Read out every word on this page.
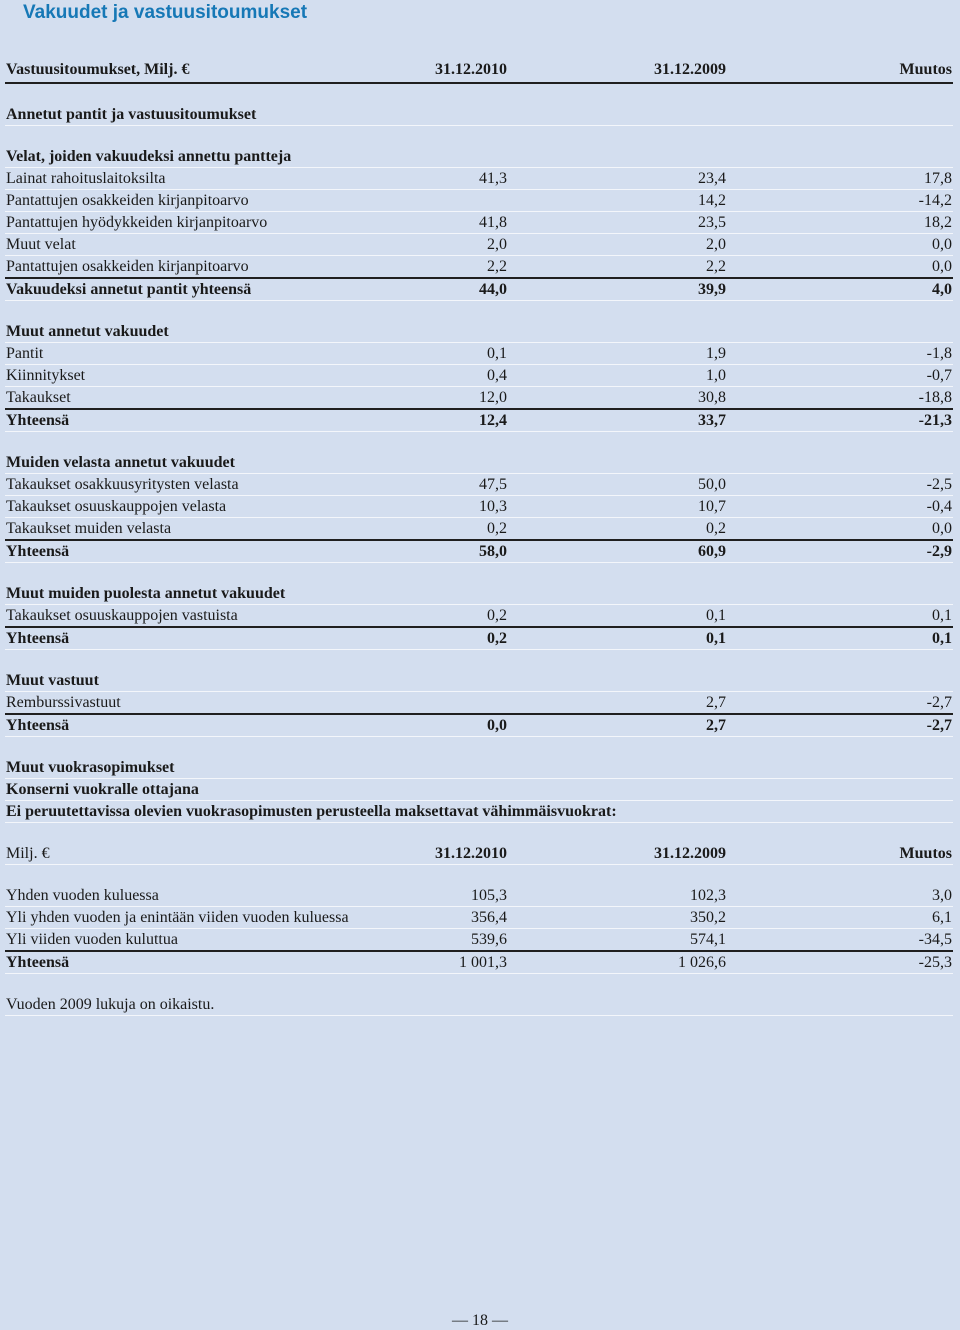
Vakuudet ja vastuusitoumukset
Vastuusitoumukset, Milj. €	31.12.2010	31.12.2009	Muutos

Annetut pantit ja vastuusitoumukset			

Velat, joiden vakuudeksi annettu pantteja			
Lainat rahoituslaitoksilta	41,3	23,4	17,8
Pantattujen osakkeiden kirjanpitoarvo		14,2	-14,2
Pantattujen hyödykkeiden kirjanpitoarvo	41,8	23,5	18,2
Muut velat	2,0	2,0	0,0
Pantattujen osakkeiden kirjanpitoarvo	2,2	2,2	0,0
Vakuudeksi annetut pantit yhteensä	44,0	39,9	4,0

Muut annetut vakuudet			
Pantit	0,1	1,9	-1,8
Kiinnitykset	0,4	1,0	-0,7
Takaukset	12,0	30,8	-18,8
Yhteensä	12,4	33,7	-21,3

Muiden velasta annetut vakuudet			
Takaukset osakkuusyritysten velasta	47,5	50,0	-2,5
Takaukset osuuskauppojen velasta	10,3	10,7	-0,4
Takaukset muiden velasta	0,2	0,2	0,0
Yhteensä	58,0	60,9	-2,9

Muut muiden puolesta annetut vakuudet			
Takaukset osuuskauppojen vastuista	0,2	0,1	0,1
Yhteensä	0,2	0,1	0,1

Muut vastuut			
Remburssivastuut		2,7	-2,7
Yhteensä	0,0	2,7	-2,7

Muut vuokrasopimukset			
Konserni vuokralle ottajana			
Ei peruutettavissa olevien vuokrasopimusten perusteella maksettavat vähimmäisvuokrat:			

Milj. €	31.12.2010	31.12.2009	Muutos

Yhden vuoden kuluessa	105,3	102,3	3,0
Yli yhden vuoden ja enintään viiden vuoden kuluessa	356,4	350,2	6,1
Yli viiden vuoden kuluttua	539,6	574,1	-34,5
Yhteensä	1 001,3	1 026,6	-25,3

Vuoden 2009 lukuja on oikaistu.			
— 18 —
